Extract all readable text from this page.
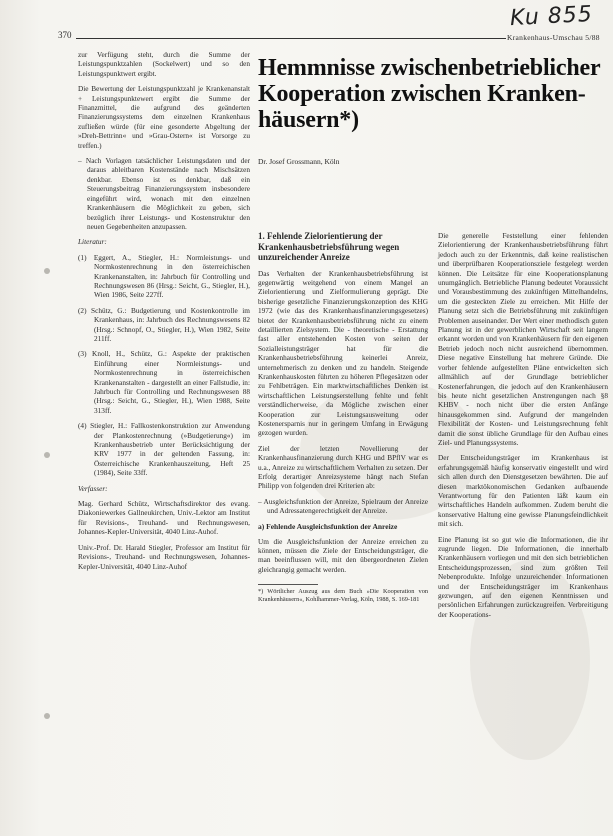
370	Krankenhaus-Umschau 5/88
Ku 855
Hemmnisse zwischenbetrieblicher
Kooperation zwischen Kranken-
häusern*)
Dr. Josef Grossmann, Köln

zur Verfügung steht, durch die Summe der Leistungspunktzahlen (Sockelwert) und so den Leistungspunktwert ergibt.

Die Bewertung der Leistungspunktzahl je Krankenanstalt + Leistungspunktewert ergibt die Summe der Finanzmittel, die aufgrund des geänderten Finanzierungssystems dem einzelnen Krankenhaus zufließen würde (für eine gesonderte Abgeltung der »Dreh-Bettrinn« und »Grau-Ostern« ist Vorsorge zu treffen.)

– Nach Vorlagen tatsächlicher Leistungsdaten und der daraus ableitbaren Kostenstände nach Mischsätzen denkbar. Ebenso ist es denkbar, daß ein Steuerungsbeitrag Finanzierungssystem insbesondere eingeführt wird, wonach mit den einzelnen Krankenhäusern die Möglichkeit zu geben, sich bezüglich ihrer Leistungs- und Kostenstruktur den neuen Gegebenheiten anzupassen.

Literatur:

(1) Eggert, A., Stiegler, H.: Normleistungs- und Normkostenrechnung in den österreichischen Krankenanstalten, in: Jahrbuch für Controlling und Rechnungswesen 86 (Hrsg.: Seicht, G., Stiegler, H.), Wien 1986, Seite 227ff.

(2) Schütz, G.: Budgetierung und Kostenkontrolle im Krankenhaus, in: Jahrbuch des Rechnungswesens 82 (Hrsg.: Schnopf, O., Stiegler, H.), Wien 1982, Seite 211ff.

(3) Knoll, H., Schütz, G.: Aspekte der praktischen Einführung einer Normleistungs- und Normkostenrechnung in österreichischen Krankenanstalten - dargestellt an einer Fallstudie, in: Jahrbuch für Controlling und Rechnungswesen 88 (Hrsg.: Seicht, G., Stiegler, H.), Wien 1988, Seite 313ff.

(4) Stiegler, H.: Fallkostenkonstruktion zur Anwendung der Plankostenrechnung (»Budgetierung«) im Krankenhausbetrieb unter Berücksichtigung der KRV 1977 in der geltenden Fassung, in: Österreichische Krankenhauszeitung, Heft 25 (1984), Seite 33ff.

Verfasser:

Mag. Gerhard Schütz, Wirtschaftsdirektor des evang. Diakoniewerkes Gallneukirchen, Univ.-Lektor am Institut für Revisions-, Treuhand- und Rechnungswesen, Johannes-Kepler-Universität, 4040 Linz-Auhof.

Univ.-Prof. Dr. Harald Stiegler, Professor am Institut für Revisions-, Treuhand- und Rechnungswesen, Johannes-Kepler-Universität, 4040 Linz-Auhof

1. Fehlende Zielorientierung der Krankenhausbetriebsführung wegen unzureichender Anreize

Das Verhalten der Krankenhausbetriebsführung ist gegenwärtig weitgehend von einem Mangel an Zielorientierung und Zielformulierung geprägt. Die bisherige gesetzliche Finanzierungskonzeption des KHG 1972 (wie das des Krankenhausfinanzierungsgesetzes) bietet der Krankenhausbetriebsführung nicht zu einem detaillierten Zielsystem. Die - theoretische - Erstattung fast aller entstehenden Kosten von seiten der Sozialleistungsträger hat für die Krankenhausbetriebsführung keinerlei Anreiz, unternehmerisch zu denken und zu handeln. Steigende Krankenhauskosten führten zu höheren Pflegesätzen oder zu Fehlbeträgen. Ein marktwirtschaftliches Denken ist wirtschaftlichen Leistungserstellung fehlte und fehlt verständlicherweise, da Mögliche zwischen einer Kooperation zur Leistungsausweitung oder Kostenersparnis nur in geringem Umfang in Erwägung gezogen wurden.

Ziel der letzten Novellierung der Krankenhausfinanzierung durch KHG und BPflV war es u.a., Anreize zu wirtschaftlichem Verhalten zu setzen. Der Erfolg derartiger Anreizsysteme hängt nach Stefan Philipp von folgenden drei Kriterien ab:

– Ausgleichsfunktion der Anreize, Spielraum der Anreize und Adressatengerechtigkeit der Anreize.

a) Fehlende Ausgleichsfunktion der Anreize

Um die Ausgleichsfunktion der Anreize erreichen zu können, müssen die Ziele der Entscheidungsträger, die man beeinflussen will, mit den übergeordneten Zielen gleichrangig gemacht werden.

*) Wörtlicher Auszug aus dem Buch »Die Kooperation von Krankenhäusern«, Kohlhammer-Verlag, Köln, 1988, S. 169-181

Die generelle Feststellung einer fehlenden Zielorientierung der Krankenhausbetriebsführung führt jedoch auch zu der Erkenntnis, daß keine realistischen und überprüfbaren Kooperationsziele festgelegt werden können. Die Leitsätze für eine Kooperationsplanung unumgänglich. Betriebliche Planung bedeutet Voraussicht und Vorausbestimmung des zukünftigen Mittelhandelns, um die gesteckten Ziele zu erreichen. Mit Hilfe der Planung setzt sich die Betriebsführung mit zukünftigen Problemen auseinander. Der Wert einer methodisch guten Planung ist in der gewerblichen Wirtschaft seit langem erkannt worden und von Krankenhäusern für den eigenen Betrieb jedoch noch nicht ausreichend übernommen. Diese negative Einstellung hat mehrere Gründe. Die vorher fehlende aufgestellten Pläne entwickelten sich allmählich auf der Grundlage betrieblicher Kostenerfahrungen, die jedoch auf den Krankenhäusern bis heute nicht gesetzlichen Anstrengungen nach §8 KHBV - noch nicht über die ersten Anfänge hinausgekommen sind. Aufgrund der mangelnden Flexibilität der Kosten- und Leistungsrechnung fehlt damit die sonst übliche Grundlage für den Aufbau eines Ziel- und Planungssystems.

Der Entscheidungsträger im Krankenhaus ist erfahrungsgemäß häufig konservativ eingestellt und wird sich allen durch den Dienstgesetzen bewährten. Die auf diesen marktökonomischen Gedanken aufbauende Verantwortung für den Patienten läßt kaum ein wirtschaftliches Handeln aufkommen. Zudem beruht die konservative Haltung eine gewisse Planungsfeindlichkeit mit sich.

Eine Planung ist so gut wie die Informationen, die ihr zugrunde liegen. Die Informationen, die innerhalb Krankenhäusern vorliegen und mit den sich betrieblichen Entscheidungsprozessen, sind zum größten Teil Nebenprodukte. Infolge unzureichender Informationen und der Entscheidungsträger im Krankenhaus gezwungen, auf den eigenen Kenntnissen und persönlichen Erfahrungen zurückzugreifen. Verbreitigung der Kooperations-
